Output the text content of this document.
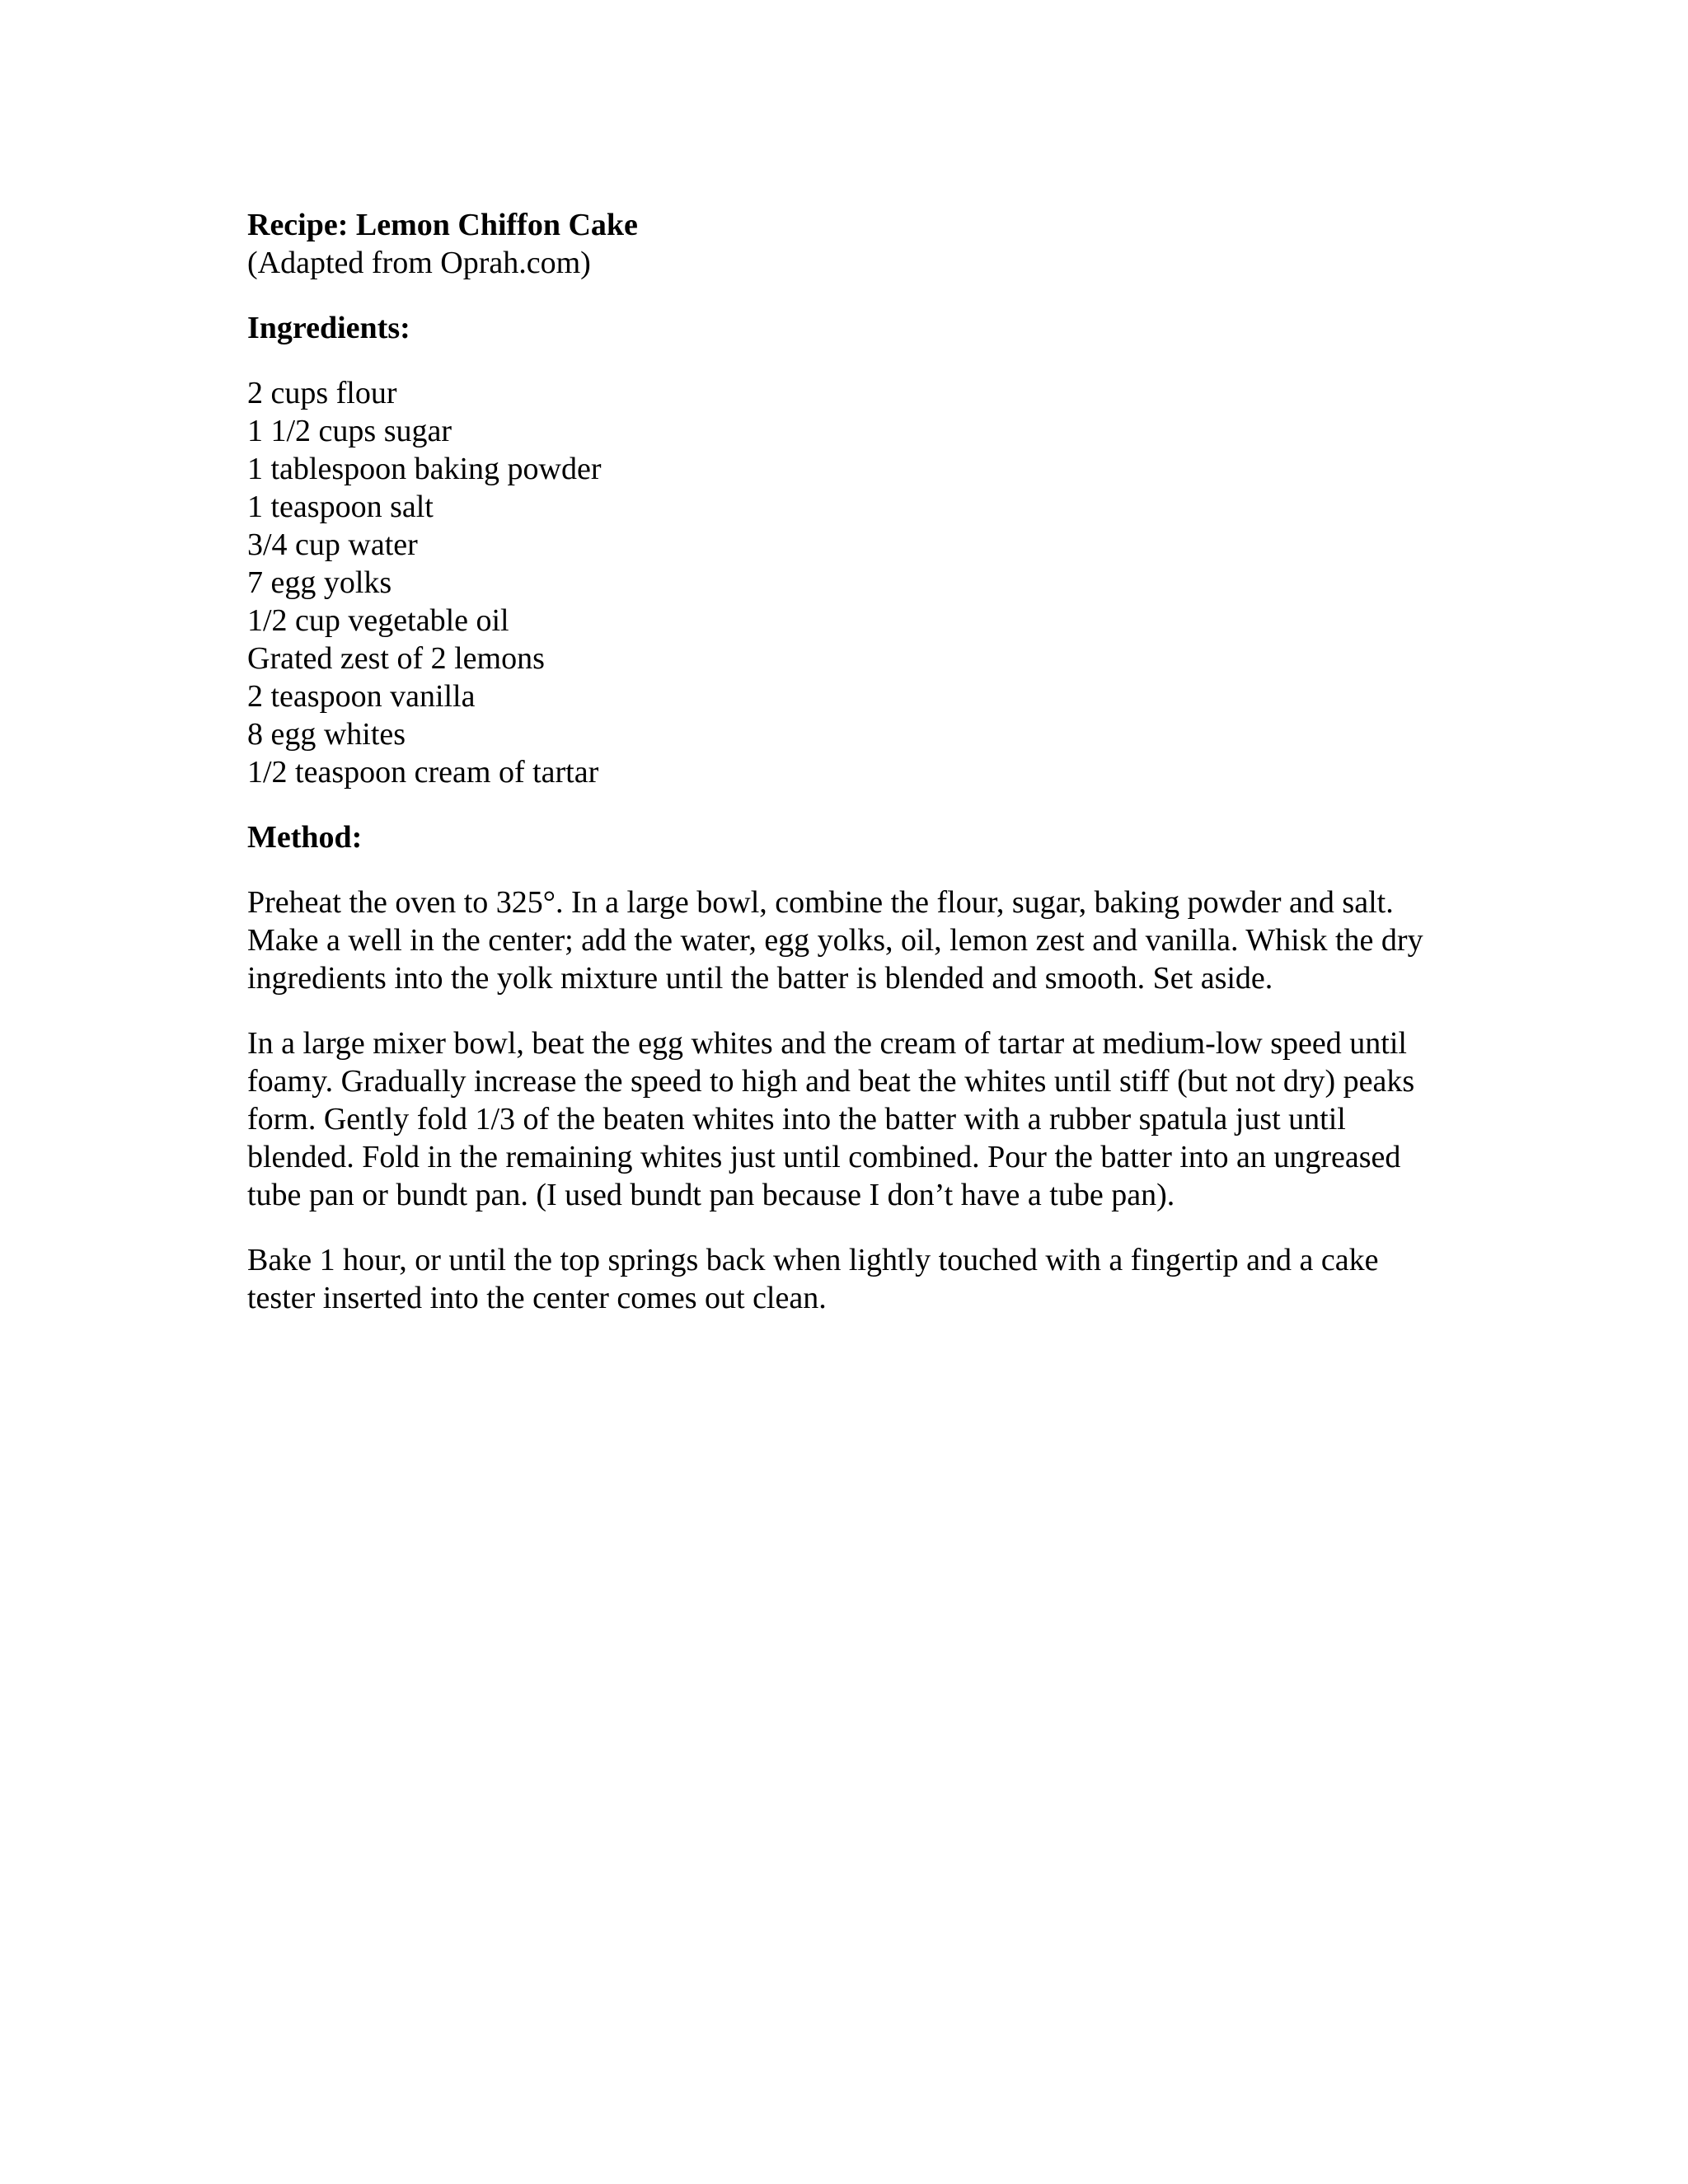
Recipe: Lemon Chiffon Cake

(Adapted from Oprah.com)

Ingredients:

2 cups flour
1 1/2 cups sugar
1 tablespoon baking powder
1 teaspoon salt
3/4 cup water
7 egg yolks
1/2 cup vegetable oil
Grated zest of 2 lemons
2 teaspoon vanilla
8 egg whites
1/2 teaspoon cream of tartar

Method:

Preheat the oven to 325°. In a large bowl, combine the flour, sugar, baking powder and salt. Make a well in the center; add the water, egg yolks, oil, lemon zest and vanilla. Whisk the dry ingredients into the yolk mixture until the batter is blended and smooth. Set aside.

In a large mixer bowl, beat the egg whites and the cream of tartar at medium-low speed until foamy. Gradually increase the speed to high and beat the whites until stiff (but not dry) peaks form. Gently fold 1/3 of the beaten whites into the batter with a rubber spatula just until blended. Fold in the remaining whites just until combined. Pour the batter into an ungreased tube pan or bundt pan. (I used bundt pan because I don’t have a tube pan).

Bake 1 hour, or until the top springs back when lightly touched with a fingertip and a cake tester inserted into the center comes out clean.
